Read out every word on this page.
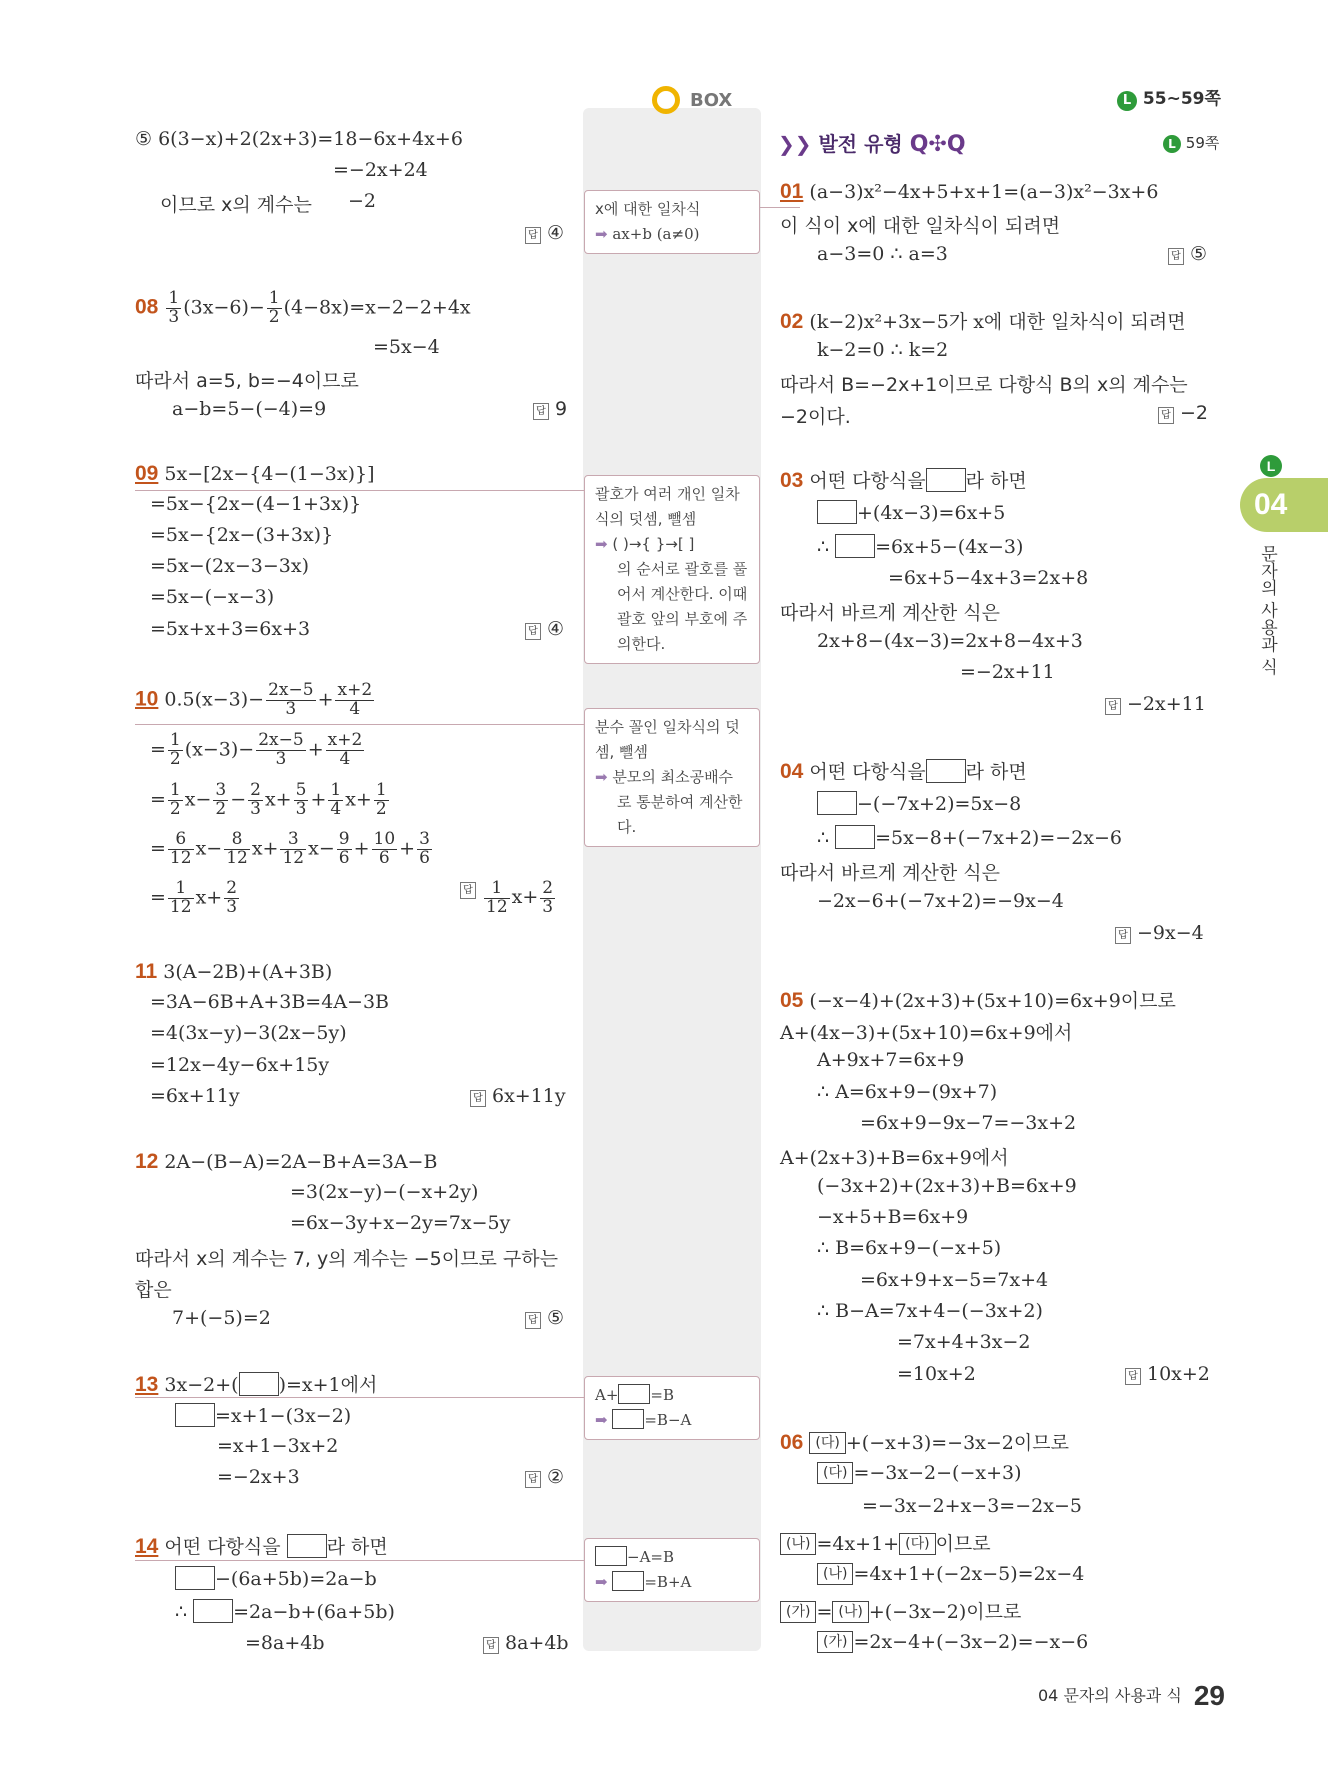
BOX	L 55~59쪽
L
04
문자의 사용과 식
⑤ 6(3−x)+2(2x+3)=18−6x+4x+6
=−2x+24
이므로 x의 계수는 −2
답 ④
$08 \frac{1}{3} (3x-6)- \frac{1}{2} (4-8x)=x-2-2+4x$
=5x−4
따라서 a=5, b=−4이므로
a−b=5−(−4)=9	답 9
09 5x−[2x−{4−(1−3x)}]
=5x−{2x−(4−1+3x)}
=5x−{2x−(3+3x)}
=5x−(2x−3−3x)
=5x−(−x−3)
=5x+x+3=6x+3	답 ④
10 $0.5(x-3)- \frac{2x-5}{3} + \frac{x+2}{4}$
= $\frac{1}{2} (x-3)- \frac{2x-5}{3} + \frac{x+2}{4}$
= $\frac{1}{2} x- \frac{3}{2} - \frac{2}{3} x+ \frac{5}{3} + \frac{1}{4} x+ \frac{1}{2}$
= $\frac{6}{12} x- \frac{8}{12} x+ \frac{3}{12} x- \frac{9}{6} + \frac{10}{6} + \frac{3}{6}$
= $\frac{1}{12} x+ \frac{2}{3}$	답 $\frac{1}{12} x+ \frac{2}{3}$
11 3(A−2B)+(A+3B)
=3A−6B+A+3B=4A−3B
=4(3x−y)−3(2x−5y)
=12x−4y−6x+15y
=6x+11y	답 6x+11y
12 2A−(B−A)=2A−B+A=3A−B
=3(2x−y)−(−x+2y)
=6x−3y+x−2y=7x−5y
따라서 x의 계수는 7, y의 계수는 −5이므로 구하는
합은
7+(−5)=2	답 ⑤
13 3x−2+( )=x+1에서
=x+1−(3x−2)
=x+1−3x+2
=−2x+3	답 ②
14 어떤 다항식을 라 하면
−(6a+5b)=2a−b
∴ =2a−b+(6a+5b)
=8a+4b	답 8a+4b
x에 대한 일차식
➡ ax+b (a≠0)
괄호가 여러 개인 일차
식의 덧셈, 뺄셈
➡ ( )→{ }→[ ]
의 순서로 괄호를 풀
어서 계산한다. 이때
괄호 앞의 부호에 주
의한다.
분수 꼴인 일차식의 덧
셈, 뺄셈
➡ 분모의 최소공배수
로 통분하여 계산한
다.
A+ =B
➡ =B−A
−A=B
➡ =B+A
❯❯ 발전 유형 Q✣Q	L 59쪽
01 (a−3)x²−4x+5+x+1=(a−3)x²−3x+6
이 식이 x에 대한 일차식이 되려면
a−3=0 ∴ a=3	답 ⑤
02 (k−2)x²+3x−5가 x에 대한 일차식이 되려면
k−2=0 ∴ k=2
따라서 B=−2x+1이므로 다항식 B의 x의 계수는
−2이다.	답 −2
03 어떤 다항식을 라 하면
+(4x−3)=6x+5
∴ =6x+5−(4x−3)
=6x+5−4x+3=2x+8
따라서 바르게 계산한 식은
2x+8−(4x−3)=2x+8−4x+3
=−2x+11
답 −2x+11
04 어떤 다항식을 라 하면
−(−7x+2)=5x−8
∴ =5x−8+(−7x+2)=−2x−6
따라서 바르게 계산한 식은
−2x−6+(−7x+2)=−9x−4
답 −9x−4
05 (−x−4)+(2x+3)+(5x+10)=6x+9이므로
A+(4x−3)+(5x+10)=6x+9에서
A+9x+7=6x+9
∴ A=6x+9−(9x+7)
=6x+9−9x−7=−3x+2
A+(2x+3)+B=6x+9에서
(−3x+2)+(2x+3)+B=6x+9
−x+5+B=6x+9
∴ B=6x+9−(−x+5)
=6x+9+x−5=7x+4
∴ B−A=7x+4−(−3x+2)
=7x+4+3x−2
=10x+2	답 10x+2
06 (다) +(−x+3)=−3x−2이므로
(다) =−3x−2−(−x+3)
=−3x−2+x−3=−2x−5
(나) =4x+1+ (다) 이므로
(나) =4x+1+(−2x−5)=2x−4
(가) = (나) +(−3x−2)이므로
(가) =2x−4+(−3x−2)=−x−6
$^{04 문자의 사용과 식}$ 29
